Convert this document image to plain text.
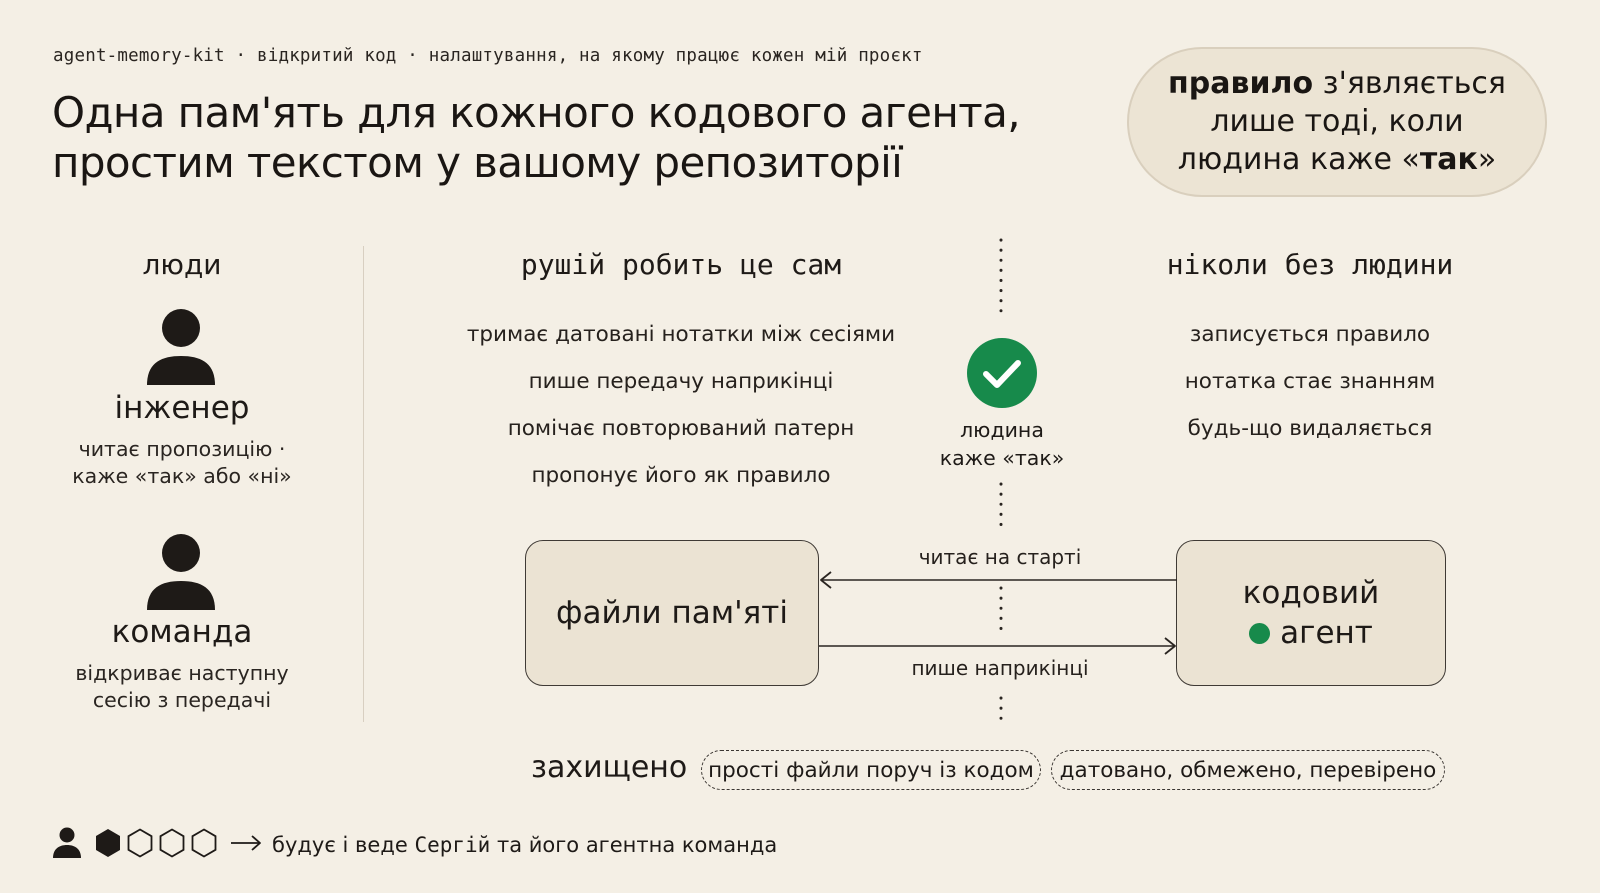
agent-memory-kit · відкритий код · налаштування, на якому працює кожен мій проєкт
Одна пам'ять для кожного кодового агента,
простим текстом у вашому репозиторії
правило з'являється
лише тоді, коли
людина каже «так»
люди
інженер
читає пропозицію ·
каже «так» або «ні»
команда
відкриває наступну
сесію з передачі
рушій робить це сам
тримає датовані нотатки між сесіями
пише передачу наприкінці
помічає повторюваний патерн
пропонує його як правило
людина
каже «так»
ніколи без людини
записується правило
нотатка стає знанням
будь-що видаляється
файли пам'яті
кодовий
агент
читає на старті
пише наприкінці
захищено прості файли поруч із кодом	датовано, обмежено, перевірено
будує і веде Сергій та його агентна команда
